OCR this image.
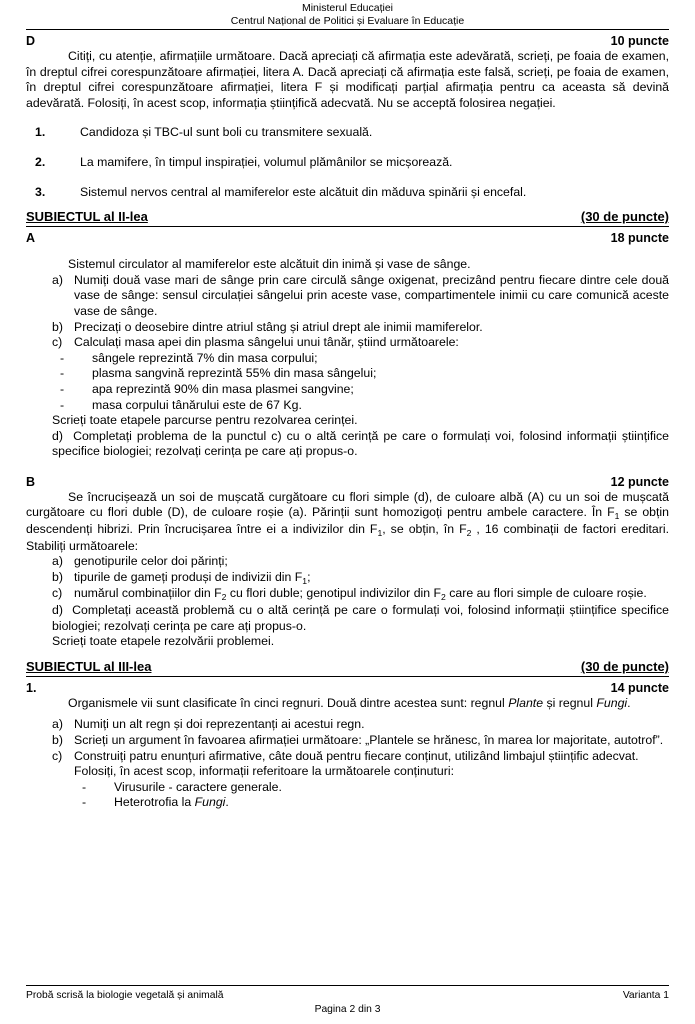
Ministerul Educației
Centrul Național de Politici și Evaluare în Educație
D	10 puncte

Citiți, cu atenție, afirmațiile următoare. Dacă apreciați că afirmația este adevărată, scrieți, pe foaia de examen, în dreptul cifrei corespunzătoare afirmației, litera A. Dacă apreciați că afirmația este falsă, scrieți, pe foaia de examen, în dreptul cifrei corespunzătoare afirmației, litera F și modificați parțial afirmația pentru ca aceasta să devină adevărată. Folosiți, în acest scop, informația științifică adecvată. Nu se acceptă folosirea negației.

1.	Candidoza și TBC-ul sunt boli cu transmitere sexuală.
2.	La mamifere, în timpul inspirației, volumul plămânilor se micșorează.
3.	Sistemul nervos central al mamiferelor este alcătuit din măduva spinării și encefal.
SUBIECTUL al II-lea	(30 de puncte)
A	18 puncte

Sistemul circulator al mamiferelor este alcătuit din inimă și vase de sânge.

a) Numiți două vase mari de sânge prin care circulă sânge oxigenat, precizând pentru fiecare dintre cele două vase de sânge: sensul circulației sângelui prin aceste vase, compartimentele inimii cu care comunică aceste vase de sânge.
b) Precizați o deosebire dintre atriul stâng și atriul drept ale inimii mamiferelor.
c) Calculați masa apei din plasma sângelui unui tânăr, știind următoarele:
-	sângele reprezintă 7% din masa corpului;
-	plasma sangvină reprezintă 55% din masa sângelui;
-	apa reprezintă 90% din masa plasmei sangvine;
-	masa corpului tânărului este de 67 Kg.

Scrieți toate etapele parcurse pentru rezolvarea cerinței.

d) Completați problema de la punctul c) cu o altă cerință pe care o formulați voi, folosind informații științifice specifice biologiei; rezolvați cerința pe care ați propus-o.

B	12 puncte

Se încrucișează un soi de mușcată curgătoare cu flori simple (d), de culoare albă (A) cu un soi de mușcată curgătoare cu flori duble (D), de culoare roșie (a). Părinții sunt homozigoți pentru ambele caractere. În $F_1$ se obțin descendenți hibrizi. Prin încrucișarea între ei a indivizilor din $F_1$, se obțin, în $F_2$ , 16 combinații de factori ereditari. Stabiliți următoarele:

a) genotipurile celor doi părinți;
b) tipurile de gameți produși de indivizii din $F_1$;
c) numărul combinațiilor din $F_2$ cu flori duble; genotipul indivizilor din $F_2$ care au flori simple de culoare roșie.

d) Completați această problemă cu o altă cerință pe care o formulați voi, folosind informații științifice specifice biologiei; rezolvați cerința pe care ați propus-o.

Scrieți toate etapele rezolvării problemei.

SUBIECTUL al III-lea	(30 de puncte)
1.	14 puncte

Organismele vii sunt clasificate în cinci regnuri. Două dintre acestea sunt: regnul Plante și regnul Fungi.

a) Numiți un alt regn și doi reprezentanți ai acestui regn.
b) Scrieți un argument în favoarea afirmației următoare: „Plantele se hrănesc, în marea lor majoritate, autotrof”.
c) Construiți patru enunțuri afirmative, câte două pentru fiecare conținut, utilizând limbajul științific adecvat.

Folosiți, în acest scop, informații referitoare la următoarele conținuturi:

-	Virusurile - caractere generale.
-	Heterotrofia la Fungi.
Probă scrisă la biologie vegetală și animală	Varianta 1
Pagina 2 din 3
